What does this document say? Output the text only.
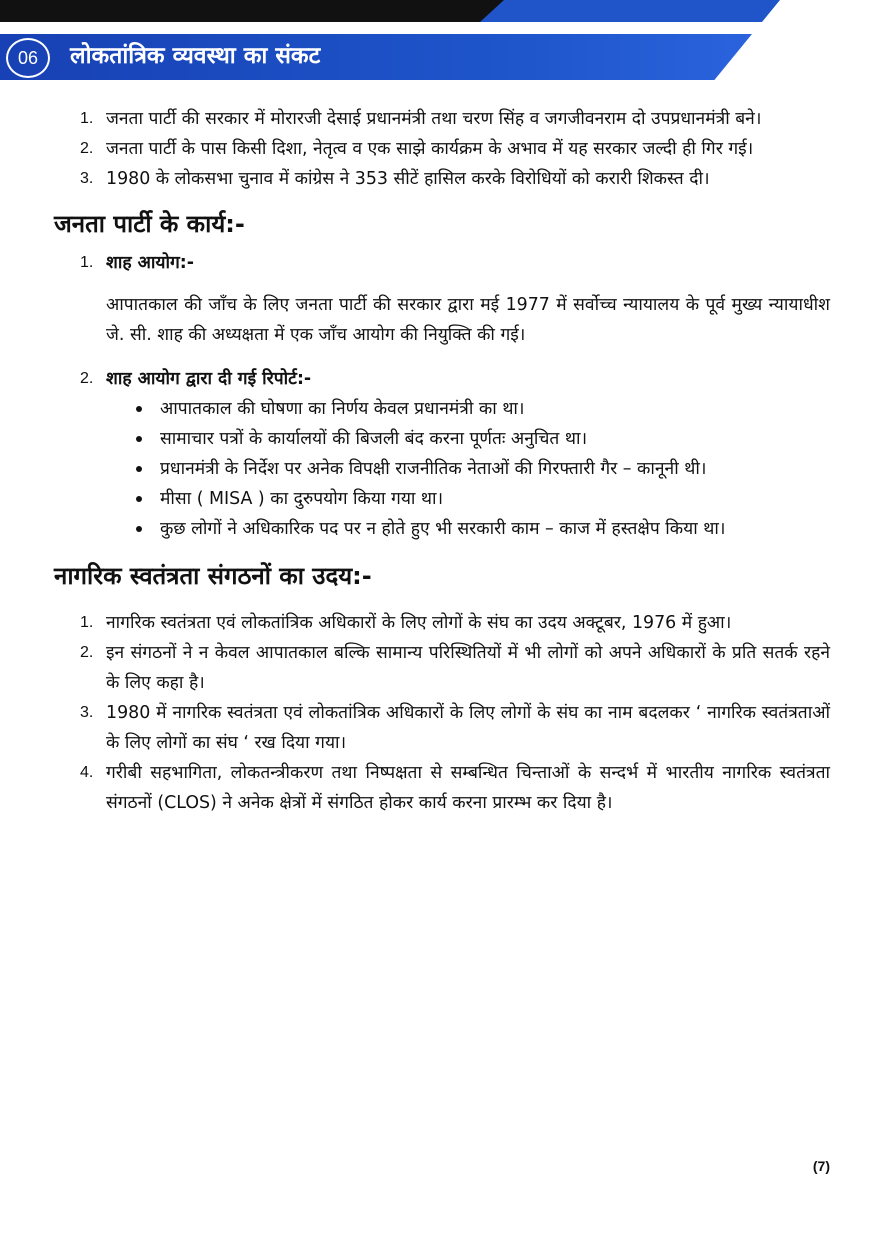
06	लोकतांत्रिक व्यवस्था का संकट
1. जनता पार्टी की सरकार में मोरारजी देसाई प्रधानमंत्री तथा चरण सिंह व जगजीवनराम दो उपप्रधानमंत्री बने।
2. जनता पार्टी के पास किसी दिशा, नेतृत्व व एक साझे कार्यक्रम के अभाव में यह सरकार जल्दी ही गिर गई।
3. 1980 के लोकसभा चुनाव में कांग्रेस ने 353 सीटें हासिल करके विरोधियों को करारी शिकस्त दी।
जनता पार्टी के कार्य:-
1. शाह आयोग:-

आपातकाल की जाँच के लिए जनता पार्टी की सरकार द्वारा मई 1977 में सर्वोच्च न्यायालय के पूर्व मुख्य न्यायाधीश जे. सी. शाह की अध्यक्षता में एक जाँच आयोग की नियुक्ति की गई।

2. शाह आयोग द्वारा दी गई रिपोर्ट:-
आपातकाल की घोषणा का निर्णय केवल प्रधानमंत्री का था।
सामाचार पत्रों के कार्यालयों की बिजली बंद करना पूर्णतः अनुचित था।
प्रधानमंत्री के निर्देश पर अनेक विपक्षी राजनीतिक नेताओं की गिरफ्तारी गैर – कानूनी थी।
मीसा ( MISA ) का दुरुपयोग किया गया था।
कुछ लोगों ने अधिकारिक पद पर न होते हुए भी सरकारी काम – काज में हस्तक्षेप किया था।
नागरिक स्वतंत्रता संगठनों का उदय:-
1. नागरिक स्वतंत्रता एवं लोकतांत्रिक अधिकारों के लिए लोगों के संघ का उदय अक्टूबर, 1976 में हुआ।
2. इन संगठनों ने न केवल आपातकाल बल्कि सामान्य परिस्थितियों में भी लोगों को अपने अधिकारों के प्रति सतर्क रहने के लिए कहा है।
3. 1980 में नागरिक स्वतंत्रता एवं लोकतांत्रिक अधिकारों के लिए लोगों के संघ का नाम बदलकर ‘ नागरिक स्वतंत्रताओं के लिए लोगों का संघ ‘ रख दिया गया।
4. गरीबी सहभागिता, लोकतन्त्रीकरण तथा निष्पक्षता से सम्बन्धित चिन्ताओं के सन्दर्भ में भारतीय नागरिक स्वतंत्रता संगठनों (CLOS) ने अनेक क्षेत्रों में संगठित होकर कार्य करना प्रारम्भ कर दिया है।
(7)
